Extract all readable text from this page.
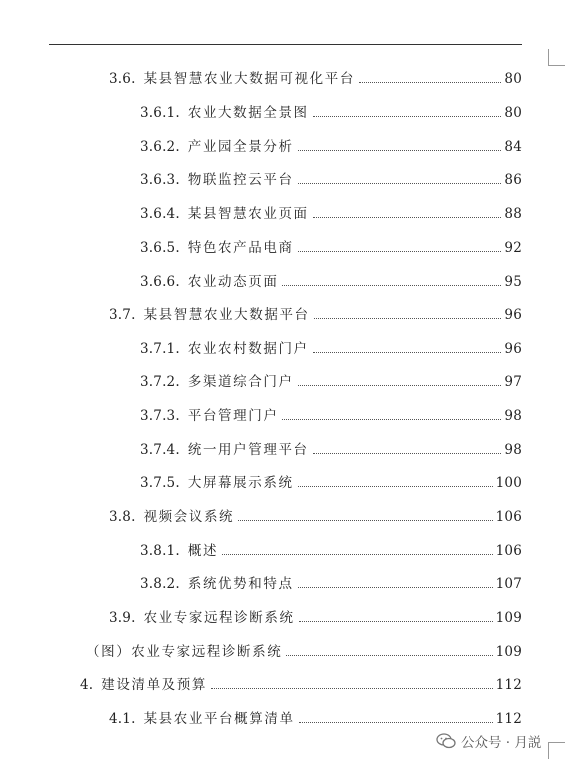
3.6. 某县智慧农业大数据可视化平台	80
3.6.1. 农业大数据全景图	80
3.6.2. 产业园全景分析	84
3.6.3. 物联监控云平台	86
3.6.4. 某县智慧农业页面	88
3.6.5. 特色农产品电商	92
3.6.6. 农业动态页面	95
3.7. 某县智慧农业大数据平台	96
3.7.1. 农业农村数据门户	96
3.7.2. 多渠道综合门户	97
3.7.3. 平台管理门户	98
3.7.4. 统一用户管理平台	98
3.7.5. 大屏幕展示系统	100
3.8. 视频会议系统	106
3.8.1. 概述	106
3.8.2. 系统优势和特点	107
3.9. 农业专家远程诊断系统	109
（图）农业专家远程诊断系统	109
4. 建设清单及预算	112
4.1. 某县农业平台概算清单	112
公众号 · 月説
